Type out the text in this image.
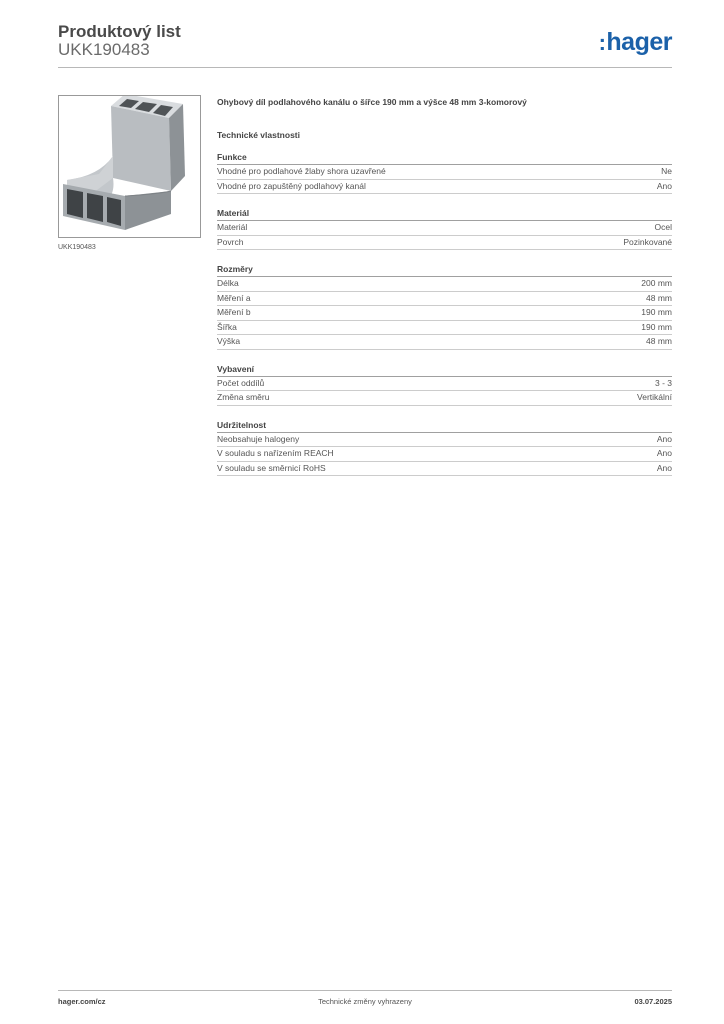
Produktový list
UKK190483	:hager
UKK190483

Ohybový díl podlahového kanálu o šířce 190 mm a výšce 48 mm 3-komorový

Technické vlastnosti

Funkce
Vhodné pro podlahové žlaby shora uzavřené	Ne
Vhodné pro zapuštěný podlahový kanál	Ano
Materiál
Materiál	Ocel
Povrch	Pozinkované
Rozměry
Délka	200 mm
Měření a	48 mm
Měření b	190 mm
Šířka	190 mm
Výška	48 mm
Vybavení
Počet oddílů	3 - 3
Změna směru	Vertikální
Udržitelnost
Neobsahuje halogeny	Ano
V souladu s nařízením REACH	Ano
V souladu se směrnicí RoHS	Ano
hager.com/cz	Technické změny vyhrazeny	03.07.2025
